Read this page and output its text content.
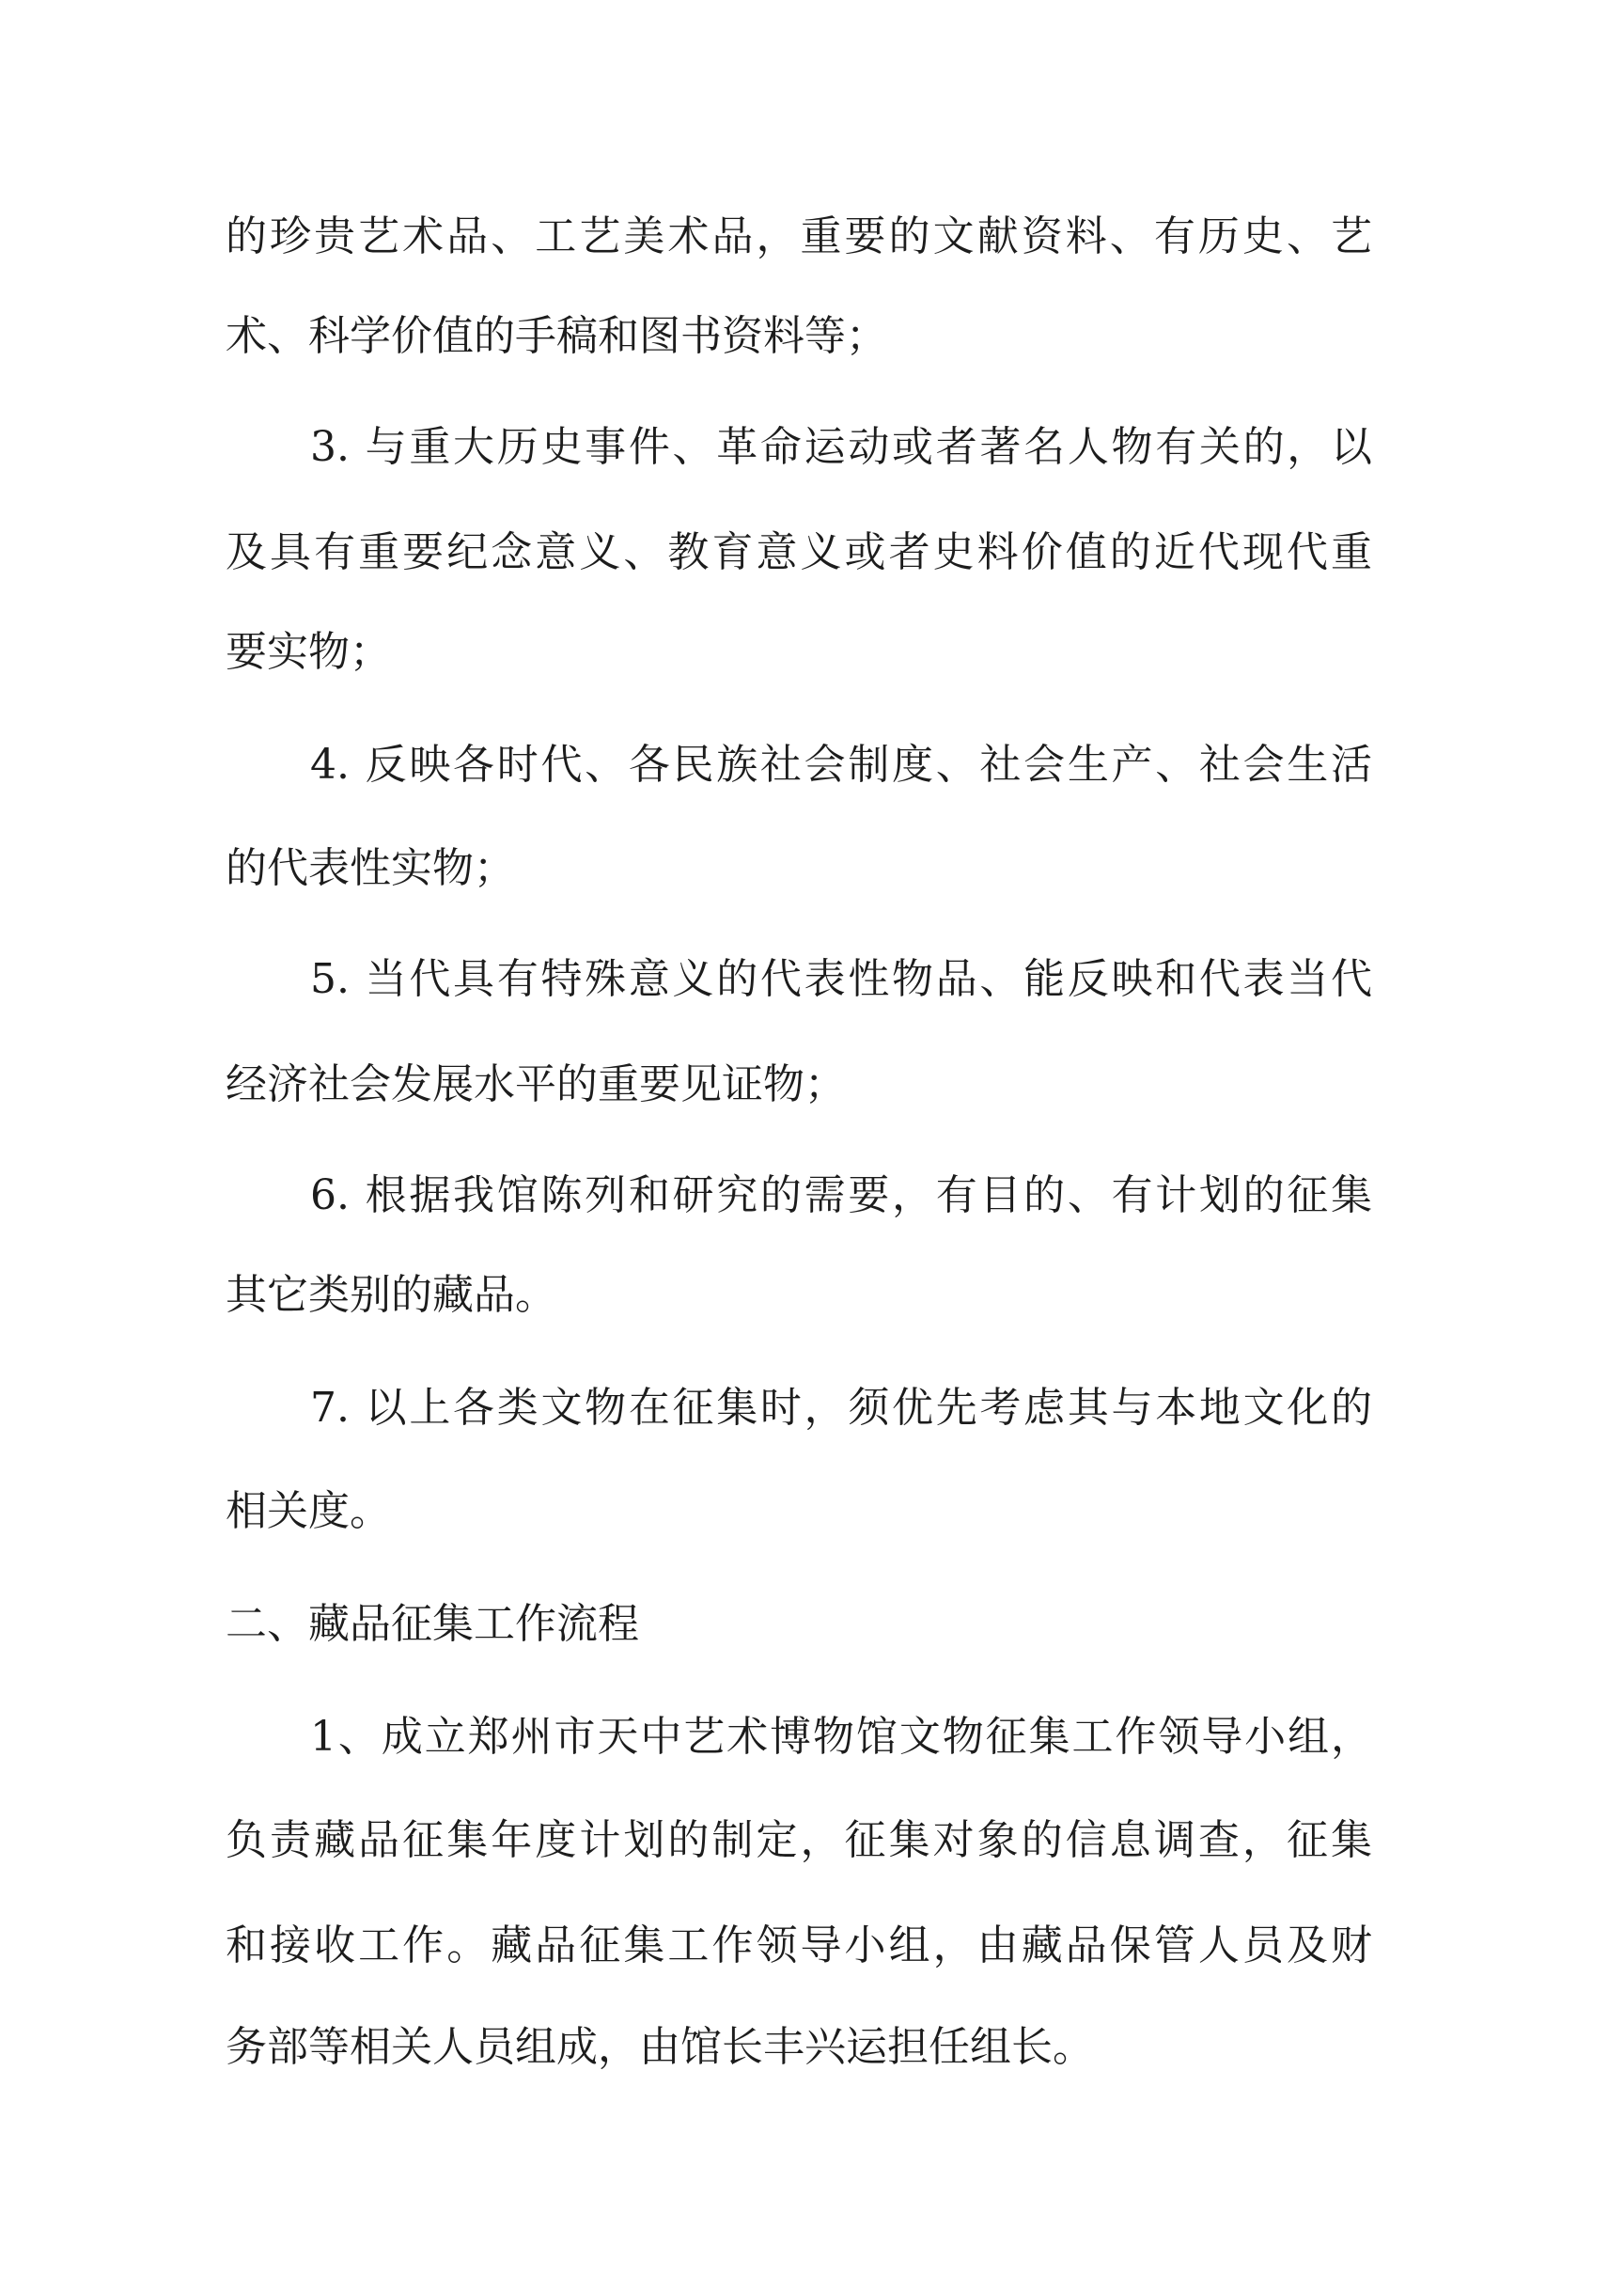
的珍贵艺术品、工艺美术品，重要的文献资料、有历史、艺
术、科学价值的手稿和图书资料等；
3. 与重大历史事件、革命运动或者著名人物有关的，以
及具有重要纪念意义、教育意义或者史料价值的近代现代重
要实物；
4. 反映各时代、各民族社会制度、社会生产、社会生活
的代表性实物；
5. 当代具有特殊意义的代表性物品、能反映和代表当代
经济社会发展水平的重要见证物；
6. 根据我馆陈列和研究的需要，有目的、有计划的征集
其它类别的藏品。
7. 以上各类文物在征集时，须优先考虑其与本地文化的
相关度。
二、藏品征集工作流程
1、成立郑州市天中艺术博物馆文物征集工作领导小组，
负责藏品征集年度计划的制定，征集对象的信息调查，征集
和接收工作。藏品征集工作领导小组，由藏品保管人员及财
务部等相关人员组成，由馆长丰兴运担任组长。
